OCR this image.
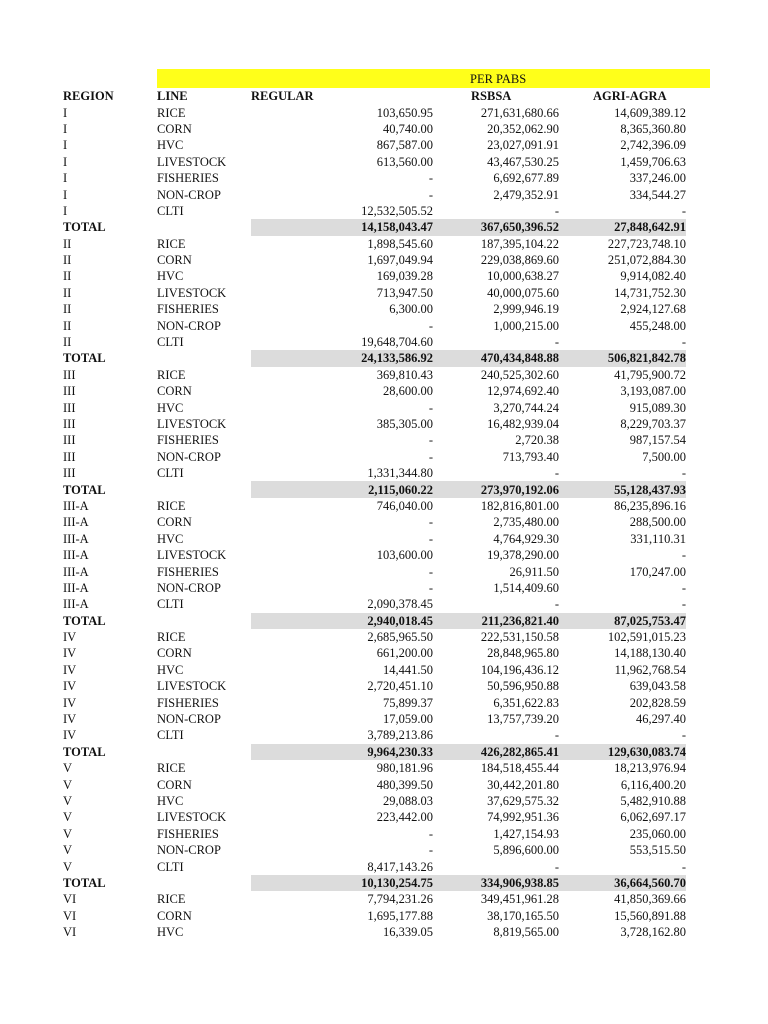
PER PABS
REGION	LINE	REGULAR	RSBSA	AGRI-AGRA
I	RICE	103,650.95	271,631,680.66	14,609,389.12
I	CORN	40,740.00	20,352,062.90	8,365,360.80
I	HVC	867,587.00	23,027,091.91	2,742,396.09
I	LIVESTOCK	613,560.00	43,467,530.25	1,459,706.63
I	FISHERIES	-	6,692,677.89	337,246.00
I	NON-CROP	-	2,479,352.91	334,544.27
I	CLTI	12,532,505.52	-	-
TOTAL		14,158,043.47	367,650,396.52	27,848,642.91
II	RICE	1,898,545.60	187,395,104.22	227,723,748.10
II	CORN	1,697,049.94	229,038,869.60	251,072,884.30
II	HVC	169,039.28	10,000,638.27	9,914,082.40
II	LIVESTOCK	713,947.50	40,000,075.60	14,731,752.30
II	FISHERIES	6,300.00	2,999,946.19	2,924,127.68
II	NON-CROP	-	1,000,215.00	455,248.00
II	CLTI	19,648,704.60	-	-
TOTAL		24,133,586.92	470,434,848.88	506,821,842.78
III	RICE	369,810.43	240,525,302.60	41,795,900.72
III	CORN	28,600.00	12,974,692.40	3,193,087.00
III	HVC	-	3,270,744.24	915,089.30
III	LIVESTOCK	385,305.00	16,482,939.04	8,229,703.37
III	FISHERIES	-	2,720.38	987,157.54
III	NON-CROP	-	713,793.40	7,500.00
III	CLTI	1,331,344.80	-	-
TOTAL		2,115,060.22	273,970,192.06	55,128,437.93
III-A	RICE	746,040.00	182,816,801.00	86,235,896.16
III-A	CORN	-	2,735,480.00	288,500.00
III-A	HVC	-	4,764,929.30	331,110.31
III-A	LIVESTOCK	103,600.00	19,378,290.00	-
III-A	FISHERIES	-	26,911.50	170,247.00
III-A	NON-CROP	-	1,514,409.60	-
III-A	CLTI	2,090,378.45	-	-
TOTAL		2,940,018.45	211,236,821.40	87,025,753.47
IV	RICE	2,685,965.50	222,531,150.58	102,591,015.23
IV	CORN	661,200.00	28,848,965.80	14,188,130.40
IV	HVC	14,441.50	104,196,436.12	11,962,768.54
IV	LIVESTOCK	2,720,451.10	50,596,950.88	639,043.58
IV	FISHERIES	75,899.37	6,351,622.83	202,828.59
IV	NON-CROP	17,059.00	13,757,739.20	46,297.40
IV	CLTI	3,789,213.86	-	-
TOTAL		9,964,230.33	426,282,865.41	129,630,083.74
V	RICE	980,181.96	184,518,455.44	18,213,976.94
V	CORN	480,399.50	30,442,201.80	6,116,400.20
V	HVC	29,088.03	37,629,575.32	5,482,910.88
V	LIVESTOCK	223,442.00	74,992,951.36	6,062,697.17
V	FISHERIES	-	1,427,154.93	235,060.00
V	NON-CROP	-	5,896,600.00	553,515.50
V	CLTI	8,417,143.26	-	-
TOTAL		10,130,254.75	334,906,938.85	36,664,560.70
VI	RICE	7,794,231.26	349,451,961.28	41,850,369.66
VI	CORN	1,695,177.88	38,170,165.50	15,560,891.88
VI	HVC	16,339.05	8,819,565.00	3,728,162.80
